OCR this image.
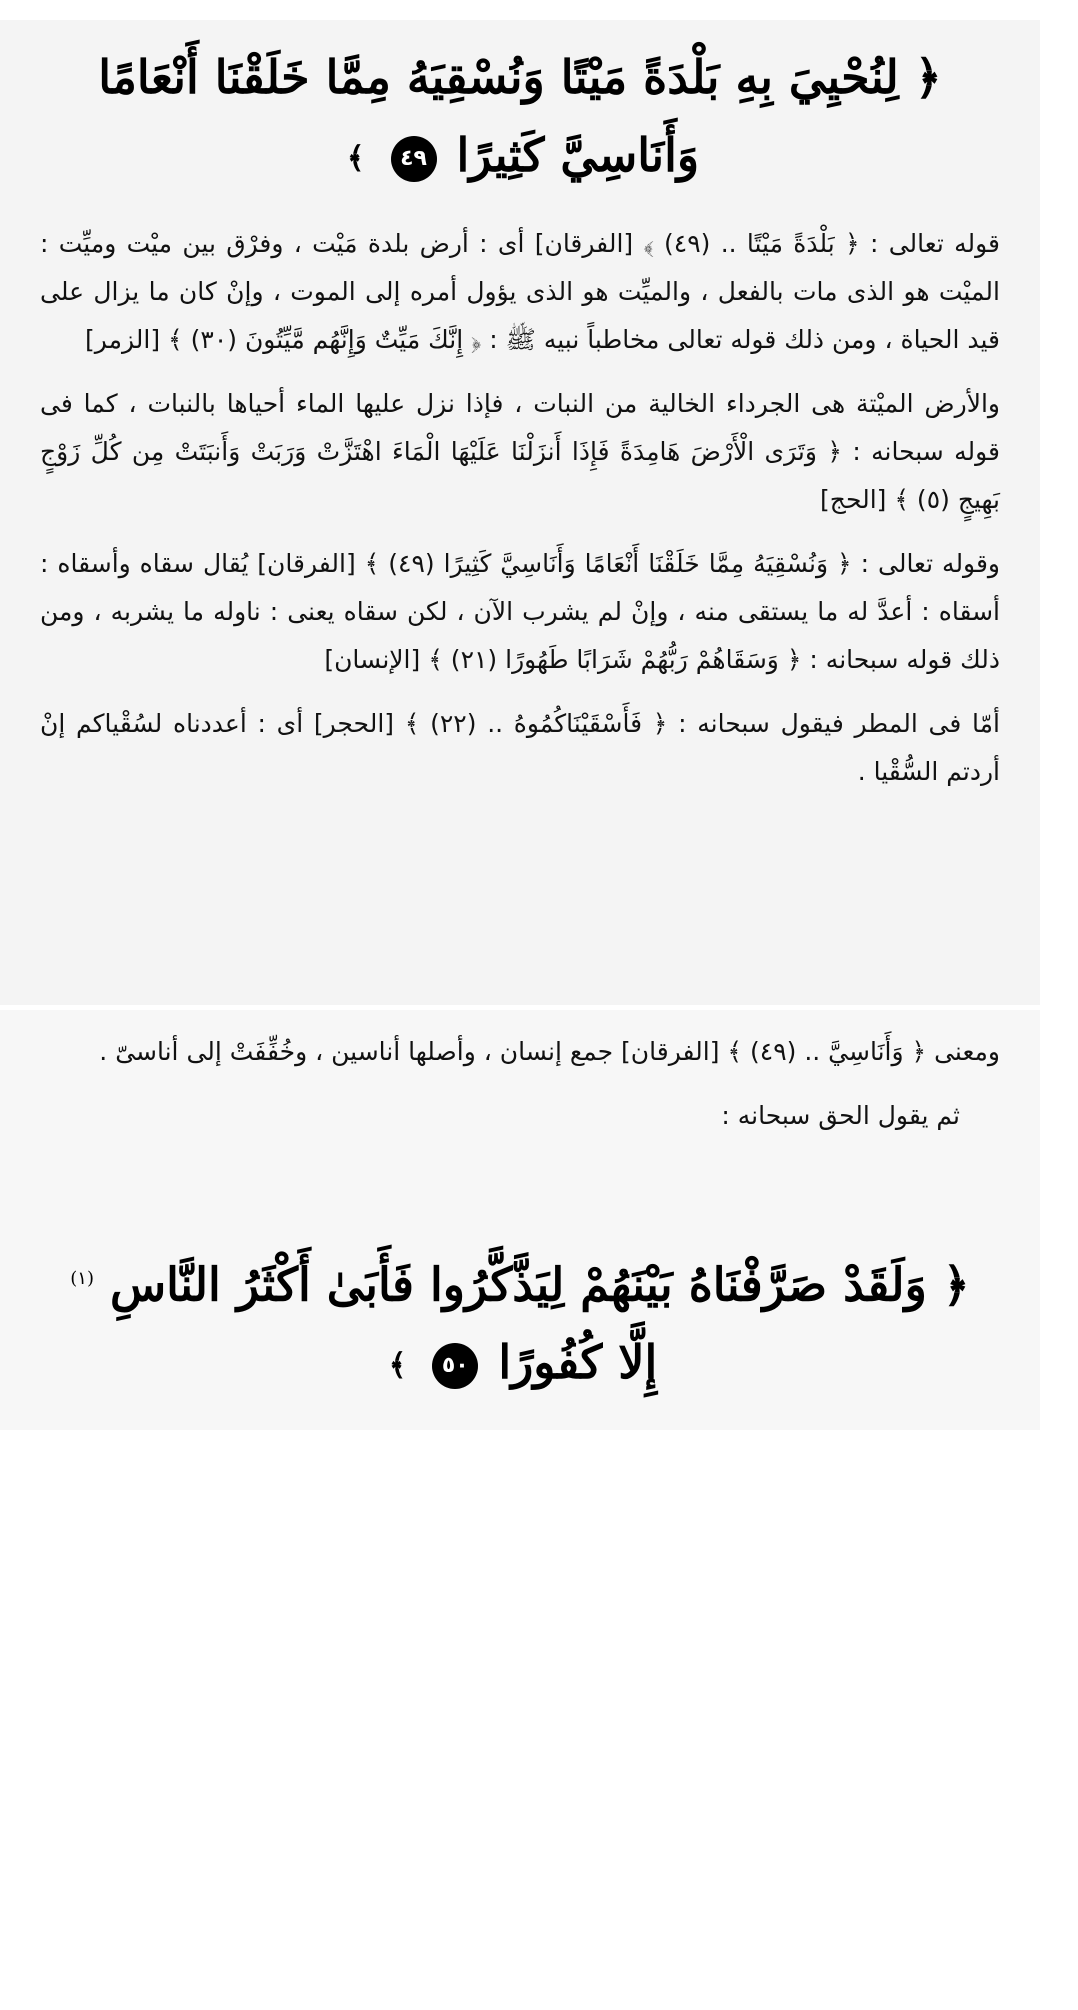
﴿ لِنُحْيِيَ بِهِ بَلْدَةً مَيْتًا وَنُسْقِيَهُ مِمَّا خَلَقْنَا أَنْعَامًا
وَأَنَاسِيَّ كَثِيرًا ٤٩ ﴾

قوله تعالى : ﴿ بَلْدَةً مَيْتًا .. (٤٩) ﴾ [الفرقان] أى : أرض بلدة مَيْت ، وفرْق بين ميْت وميِّت : الميْت هو الذى مات بالفعل ، والميِّت هو الذى يؤول أمره إلى الموت ، وإنْ كان ما يزال على قيد الحياة ، ومن ذلك قوله تعالى مخاطباً نبيه ﷺ : ﴿ إِنَّكَ مَيِّتٌ وَإِنَّهُم مَّيِّتُونَ (٣٠) ﴾ [الزمر]

والأرض الميْتة هى الجرداء الخالية من النبات ، فإذا نزل عليها الماء أحياها بالنبات ، كما فى قوله سبحانه : ﴿ وَتَرَى الْأَرْضَ هَامِدَةً فَإِذَا أَنزَلْنَا عَلَيْهَا الْمَاءَ اهْتَزَّتْ وَرَبَتْ وَأَنبَتَتْ مِن كُلِّ زَوْجٍ بَهِيجٍ (٥) ﴾ [الحج]

وقوله تعالى : ﴿ وَنُسْقِيَهُ مِمَّا خَلَقْنَا أَنْعَامًا وَأَنَاسِيَّ كَثِيرًا (٤٩) ﴾ [الفرقان] يُقال سقاه وأسقاه : أسقاه : أعدَّ له ما يستقى منه ، وإنْ لم يشرب الآن ، لكن سقاه يعنى : ناوله ما يشربه ، ومن ذلك قوله سبحانه : ﴿ وَسَقَاهُمْ رَبُّهُمْ شَرَابًا طَهُورًا (٢١) ﴾ [الإنسان]

أمّا فى المطر فيقول سبحانه : ﴿ فَأَسْقَيْنَاكُمُوهُ .. (٢٢) ﴾ [الحجر] أى : أعددناه لسُقْياكم إنْ أردتم السُّقْيا .

ومعنى ﴿ وَأَنَاسِيَّ .. (٤٩) ﴾ [الفرقان] جمع إنسان ، وأصلها أناسين ، وخُفِّفَتْ إلى أناسىّ .

ثم يقول الحق سبحانه :

﴿ وَلَقَدْ صَرَّفْنَاهُ بَيْنَهُمْ لِيَذَّكَّرُوا فَأَبَىٰ أَكْثَرُ النَّاسِ $^{(١)}$
إِلَّا كُفُورًا ٥٠ ﴾
